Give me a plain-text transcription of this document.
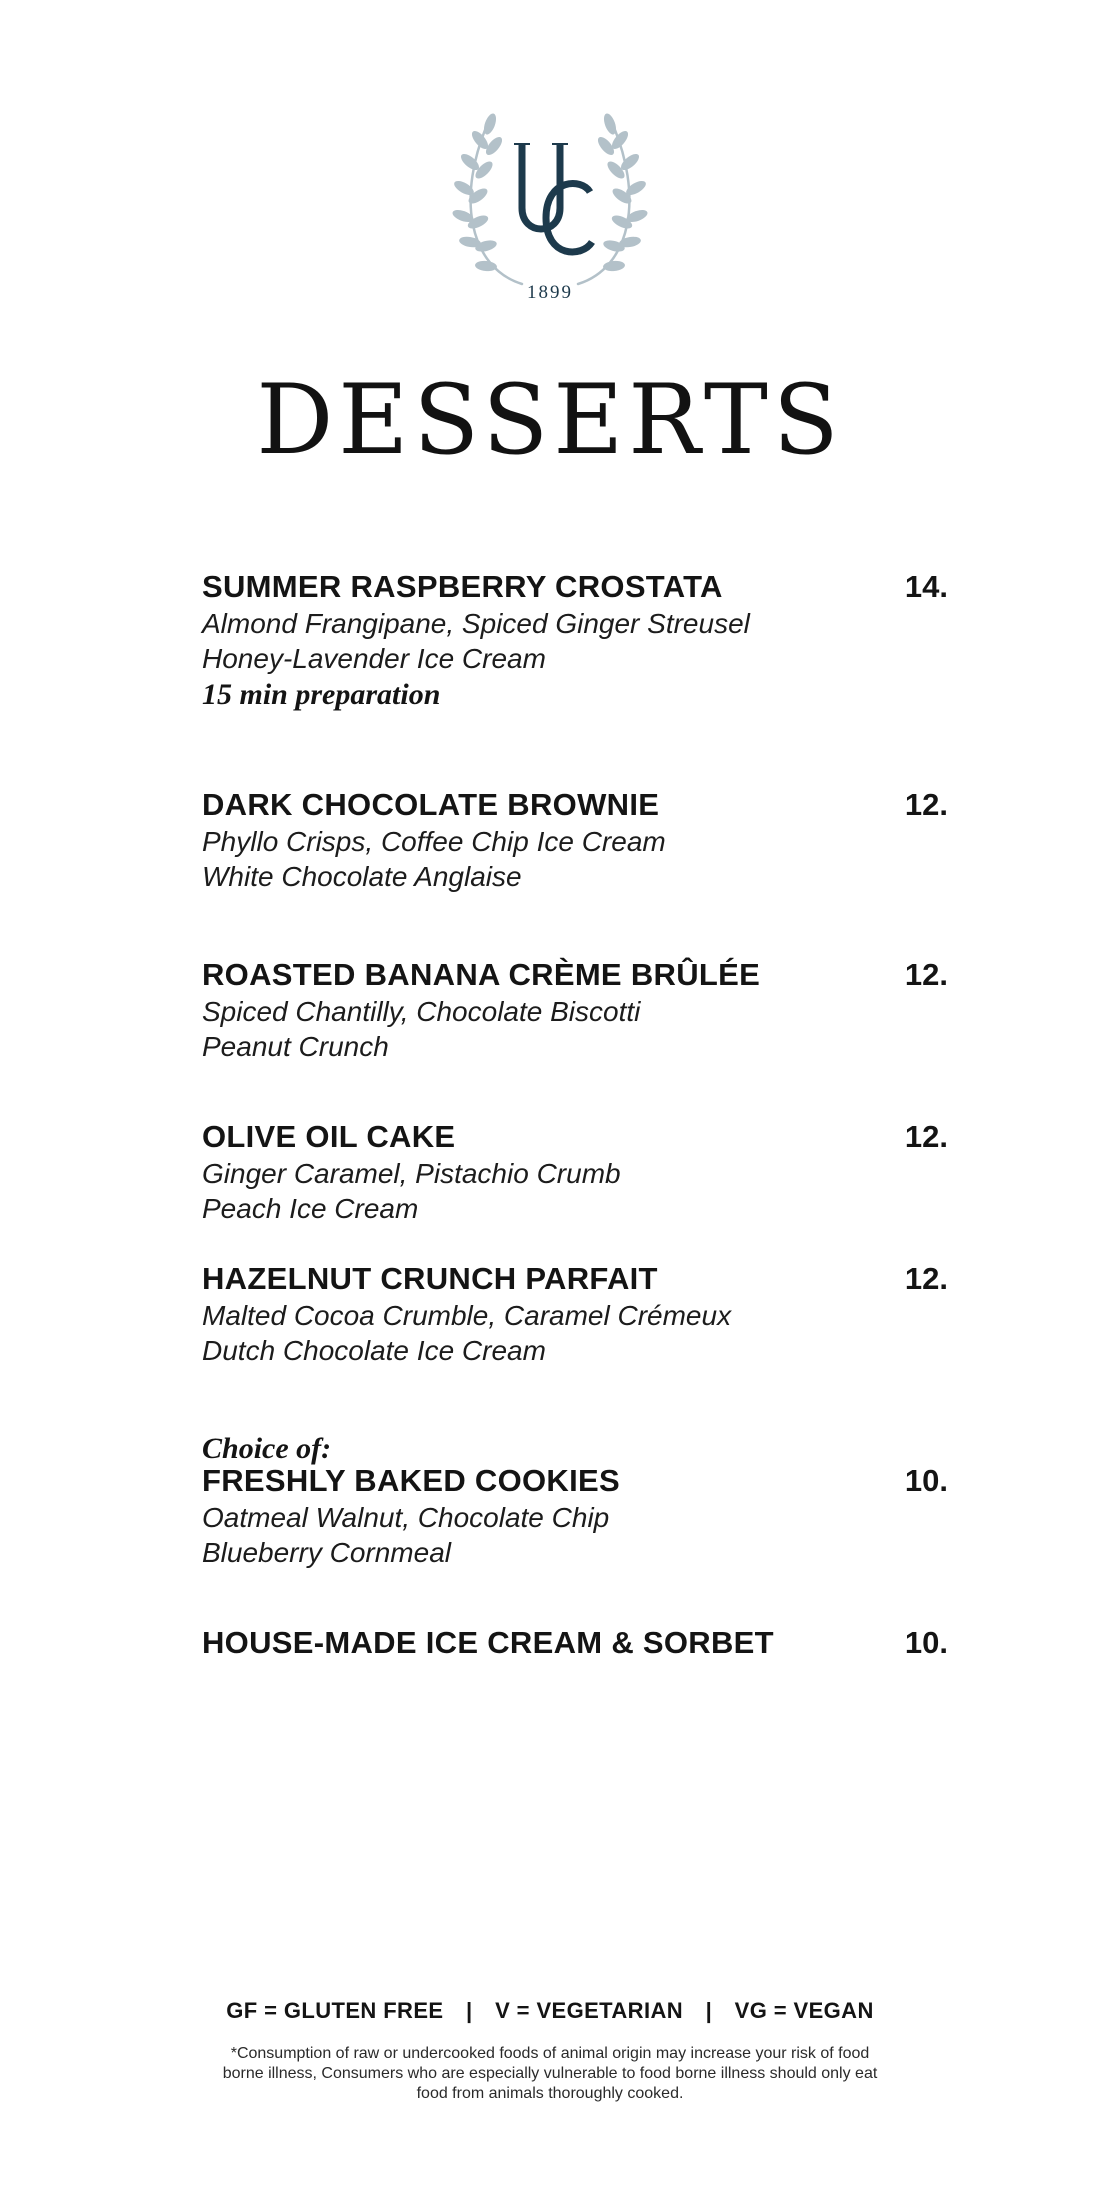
1899
DESSERTS
SUMMER RASPBERRY CROSTATA	14.
Almond Frangipane, Spiced Ginger Streusel
Honey-Lavender Ice Cream
15 min preparation
DARK CHOCOLATE BROWNIE	12.
Phyllo Crisps, Coffee Chip Ice Cream
White Chocolate Anglaise
ROASTED BANANA CRÈME BRÛLÉE	12.
Spiced Chantilly, Chocolate Biscotti
Peanut Crunch
OLIVE OIL CAKE	12.
Ginger Caramel, Pistachio Crumb
Peach Ice Cream
HAZELNUT CRUNCH PARFAIT	12.
Malted Cocoa Crumble, Caramel Crémeux
Dutch Chocolate Ice Cream
Choice of:
FRESHLY BAKED COOKIES	10.
Oatmeal Walnut, Chocolate Chip
Blueberry Cornmeal
HOUSE-MADE ICE CREAM & SORBET	10.
GF = GLUTEN FREE | V = VEGETARIAN | VG = VEGAN
*Consumption of raw or undercooked foods of animal origin may increase your risk of food borne illness, Consumers who are especially vulnerable to food borne illness should only eat food from animals thoroughly cooked.
